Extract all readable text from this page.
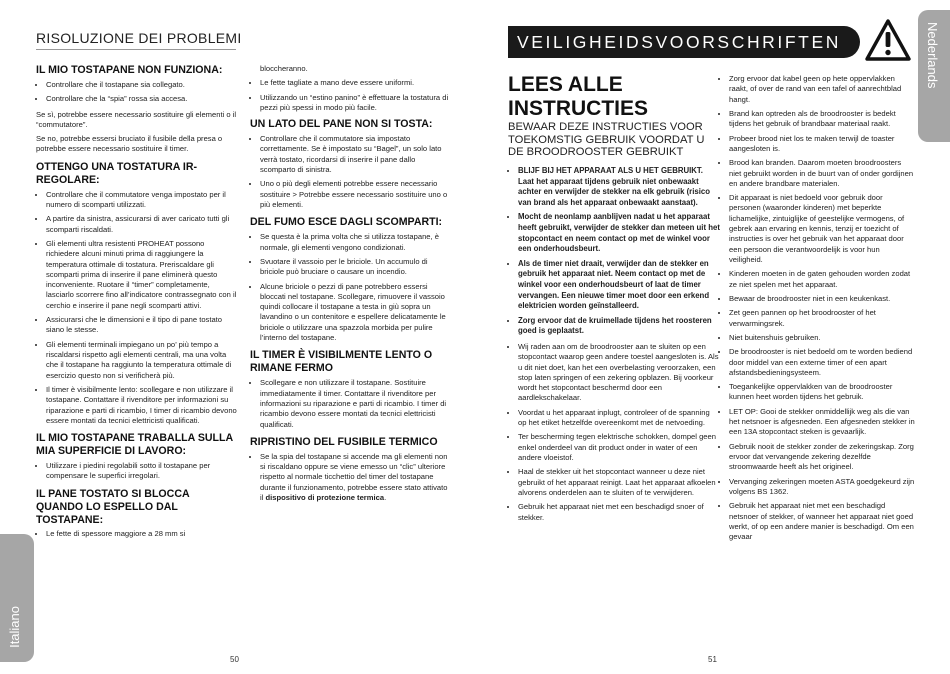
RISOLUZIONE DEI PROBLEMI
IL MIO TOSTAPANE NON FUNZIONA:
• Controllare che il tostapane sia collegato.
• Controllare che la “spia” rossa sia accesa.

Se sì, potrebbe essere necessario sostituire gli elementi o il “commutatore”.

Se no, potrebbe essersi bruciato il fusibile della presa o potrebbe essere necessario sostituire il timer.

OTTENGO UNA TOSTATURA IR-REGOLARE:
• Controllare che il commutatore venga impostato per il numero di scomparti utilizzati.
• A partire da sinistra, assicurarsi di aver caricato tutti gli scomparti riscaldati.
• Gli elementi ultra resistenti PROHEAT possono richiedere alcuni minuti prima di raggiungere la temperatura ottimale di tostatura. Preriscaldare gli scomparti prima di inserire il pane eliminerà questo inconveniente. Ruotare il “timer” completamente, lasciarlo scorrere fino all’indicatore contrassegnato con il cerchio e inserire il pane negli scomparti attivi.
• Assicurarsi che le dimensioni e il tipo di pane tostato siano le stesse.
• Gli elementi terminali impiegano un po’ più tempo a riscaldarsi rispetto agli elementi centrali, ma una volta che il tostapane ha raggiunto la temperatura ottimale di esercizio questo non si verificherà più.
• Il timer è visibilmente lento: scollegare e non utilizzare il tostapane. Contattare il rivenditore per informazioni su riparazione e parti di ricambio, I timer di ricambio devono essere montati da tecnici elettricisti qualificati.
IL MIO TOSTAPANE TRABALLA SULLA MIA SUPERFICIE DI LAVORO:
• Utilizzare i piedini regolabili sotto il tostapane per compensare le superfici irregolari.
IL PANE TOSTATO SI BLOCCA QUANDO LO ESPELLO DAL TOSTAPANE:
• Le fette di spessore maggiore a 28 mm si

bloccheranno.

• Le fette tagliate a mano deve essere uniformi.
• Utilizzando un “estino panino” è effettuare la tostatura di pezzi più spessi in modo più facile.
UN LATO DEL PANE NON SI TOSTA:
• Controllare che il commutatore sia impostato correttamente. Se è impostato su “Bagel”, un solo lato verrà tostato, ricordarsi di inserire il pane dallo scomparto di sinistra.
• Uno o più degli elementi potrebbe essere necessario sostituire > Potrebbe essere necessario sostituire uno o più elementi.
DEL FUMO ESCE DAGLI SCOMPARTI:
• Se questa è la prima volta che si utilizza tostapane, è normale, gli elementi vengono condizionati.
• Svuotare il vassoio per le briciole. Un accumulo di briciole può bruciare o causare un incendio.
• Alcune briciole o pezzi di pane potrebbero essersi bloccati nel tostapane. Scollegare, rimuovere il vassoio quindi collocare il tostapane a testa in giù sopra un lavandino o un contenitore e espellere delicatamente le briciole o utilizzare una spazzola morbida per pulire l’interno del tostapane.
IL TIMER È VISIBILMENTE LENTO O RIMANE FERMO
• Scollegare e non utilizzare il tostapane. Sostituire immediatamente il timer. Contattare il rivenditore per informazioni su riparazione e parti di ricambio. I timer di ricambio devono essere montati da tecnici elettricisti qualificati.
RIPRISTINO DEL FUSIBILE TERMICO
• Se la spia del tostapane si accende ma gli elementi non si riscaldano oppure se viene emesso un “clic” ulteriore rispetto al normale ticchettio del timer del tostapane durante il funzionamento, potrebbe essere stato attivato il dispositivo di protezione termica.
Italiano
50
VEILIGHEIDSVOORSCHRIFTEN
LEES ALLE INSTRUCTIES
BEWAAR DEZE INSTRUCTIES VOOR TOEKOMSTIG GEBRUIK VOORDAT U DE BROODROOSTER GEBRUIKT
• BLIJF BIJ HET APPARAAT ALS U HET GEBRUIKT. Laat het apparaat tijdens gebruik niet onbewaakt achter en verwijder de stekker na elk gebruik (risico van brand als het apparaat onbewaakt aanstaat).
• Mocht de neonlamp aanblijven nadat u het apparaat heeft gebruikt, verwijder de stekker dan meteen uit het stopcontact en neem contact op met de winkel voor een onderhoudsbeurt.
• Als de timer niet draait, verwijder dan de stekker en gebruik het apparaat niet. Neem contact op met de winkel voor een onderhoudsbeurt of laat de timer vervangen. Een nieuwe timer moet door een erkend elektricien worden geïnstalleerd.
• Zorg ervoor dat de kruimellade tijdens het roosteren goed is geplaatst.
• Wij raden aan om de broodrooster aan te sluiten op een stopcontact waarop geen andere toestel aangesloten is. Als u dit niet doet, kan het een overbelasting veroorzaken, een stop laten springen of een zekering opblazen. Bij voorkeur wordt het stopcontact beschermd door een aardlekschakelaar.
• Voordat u het apparaat inplugt, controleer of de spanning op het etiket hetzelfde overeenkomt met de netvoeding.
• Ter bescherming tegen elektrische schokken, dompel geen enkel onderdeel van dit product onder in water of een andere vloeistof.
• Haal de stekker uit het stopcontact wanneer u deze niet gebruikt of het apparaat reinigt. Laat het apparaat afkoelen alvorens onderdelen aan te sluiten of te verwijderen.
• Gebruik het apparaat niet met een beschadigd snoer of stekker.
• Zorg ervoor dat kabel geen op hete oppervlakken raakt, of over de rand van een tafel of aanrechtblad hangt.
• Brand kan optreden als de broodrooster is bedekt tijdens het gebruik of brandbaar materiaal raakt.
• Probeer brood niet los te maken terwijl de toaster aangesloten is.
• Brood kan branden. Daarom moeten broodroosters niet gebruikt worden in de buurt van of onder gordijnen en andere brandbare materialen.
• Dit apparaat is niet bedoeld voor gebruik door personen (waaronder kinderen) met beperkte lichamelijke, zintuiglijke of geestelijke vermogens, of gebrek aan ervaring en kennis, tenzij er toezicht of instructies is over het gebruik van het apparaat door een persoon die verantwoordelijk is voor hun veiligheid.
• Kinderen moeten in de gaten gehouden worden zodat ze niet spelen met het apparaat.
• Bewaar de broodrooster niet in een keukenkast.
• Zet geen pannen op het broodrooster of het verwarmingsrek.
• Niet buitenshuis gebruiken.
• De broodrooster is niet bedoeld om te worden bediend door middel van een externe timer of een apart afstandsbedieningsysteem.
• Toegankelijke oppervlakken van de broodrooster kunnen heet worden tijdens het gebruik.
• LET OP: Gooi de stekker onmiddellijk weg als die van het netsnoer is afgesneden. Een afgesneden stekker in een 13A stopcontact steken is gevaarlijk.
• Gebruik nooit de stekker zonder de zekeringskap. Zorg ervoor dat vervangende zekering dezelfde stroomwaarde heeft als het origineel.
• Vervanging zekeringen moeten ASTA goedgekeurd zijn volgens BS 1362.
• Gebruik het apparaat niet met een beschadigd netsnoer of stekker, of wanneer het apparaat niet goed werkt, of op een andere manier is beschadigd. Om een gevaar
Nederlands
51
